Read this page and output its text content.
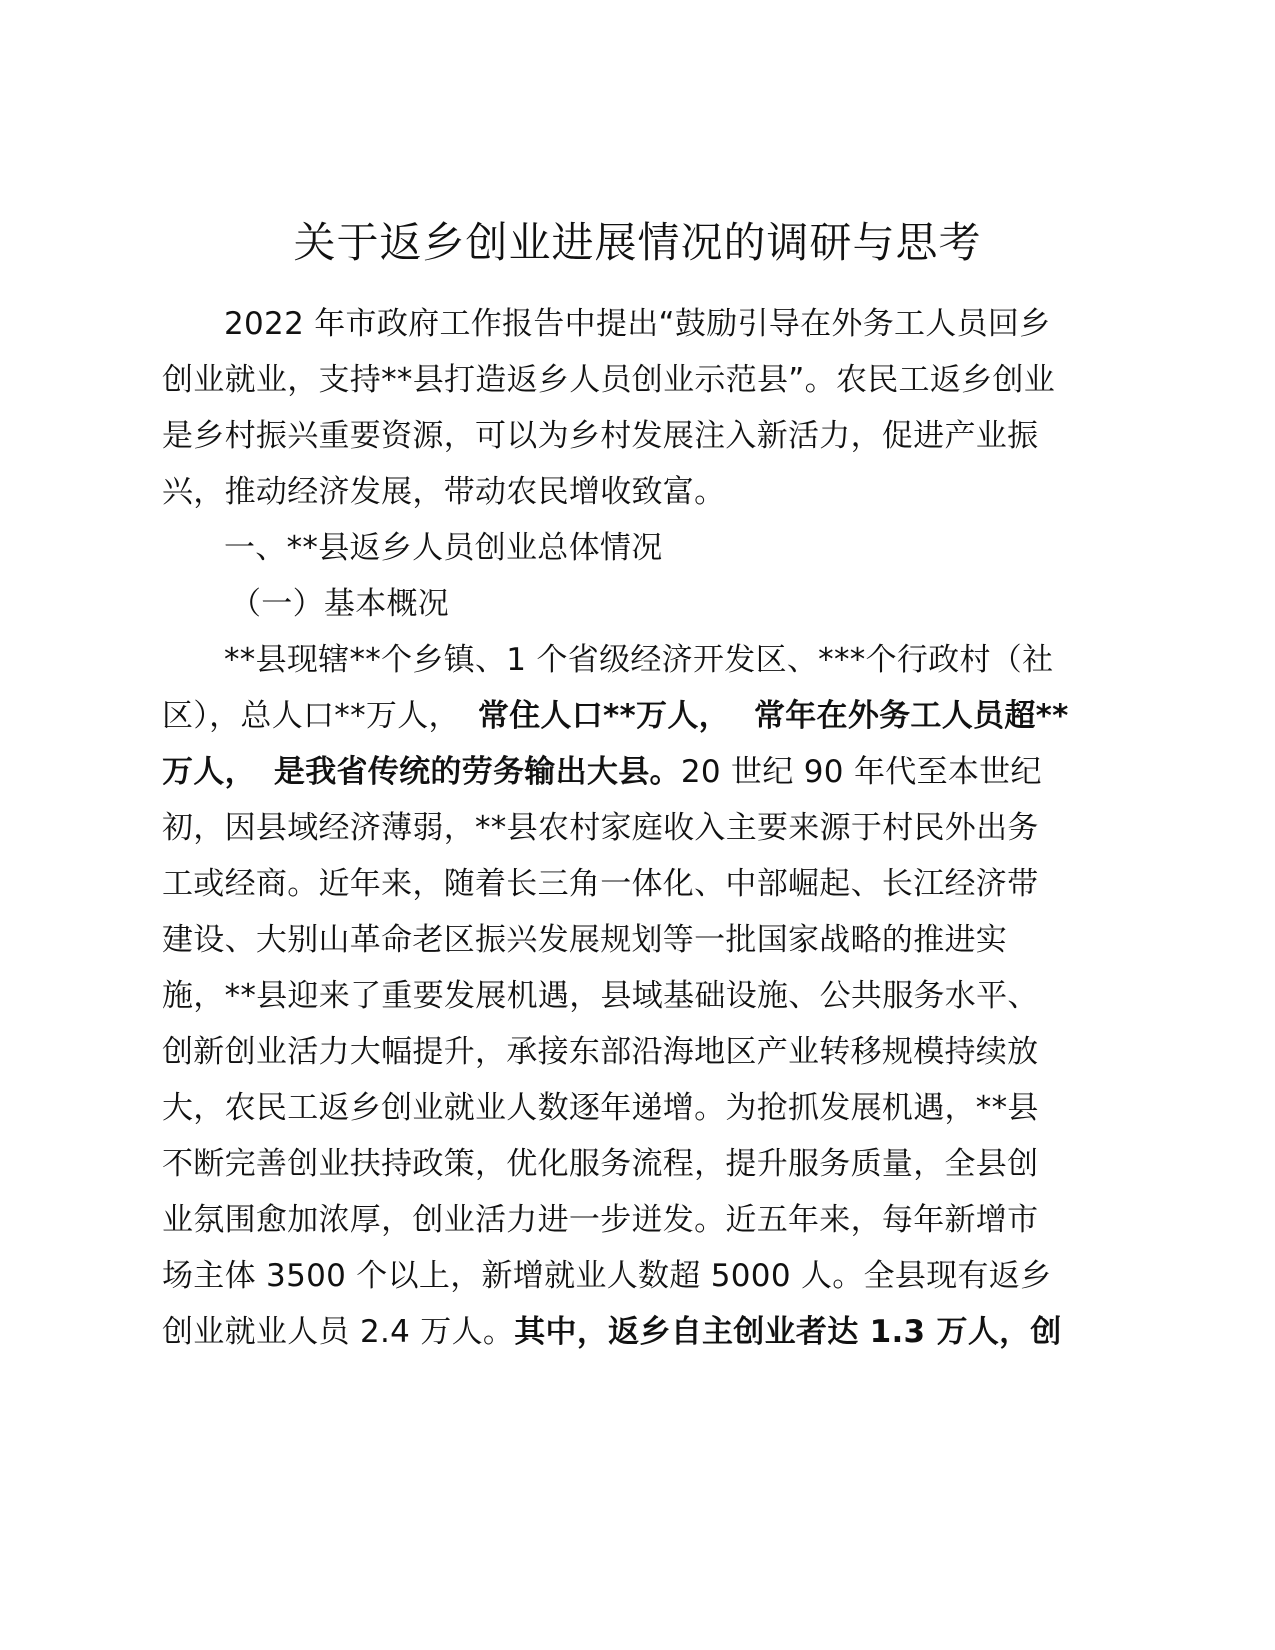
关于返乡创业进展情况的调研与思考
2022 年市政府工作报告中提出“鼓励引导在外务工人员回乡
创业就业，支持**县打造返乡人员创业示范县”。农民工返乡创业
是乡村振兴重要资源，可以为乡村发展注入新活力，促进产业振
兴，推动经济发展，带动农民增收致富。
一、**县返乡人员创业总体情况
（一）基本概况
**县现辖**个乡镇、1 个省级经济开发区、***个行政村（社
区），总人口**万人， 常住人口**万人， 常年在外务工人员超**
万人， 是我省传统的劳务输出大县。20 世纪 90 年代至本世纪
初，因县域经济薄弱，**县农村家庭收入主要来源于村民外出务
工或经商。近年来，随着长三角一体化、中部崛起、长江经济带
建设、大别山革命老区振兴发展规划等一批国家战略的推进实
施，**县迎来了重要发展机遇，县域基础设施、公共服务水平、
创新创业活力大幅提升，承接东部沿海地区产业转移规模持续放
大，农民工返乡创业就业人数逐年递增。为抢抓发展机遇，**县
不断完善创业扶持政策，优化服务流程，提升服务质量，全县创
业氛围愈加浓厚，创业活力进一步迸发。近五年来，每年新增市
场主体 3500 个以上，新增就业人数超 5000 人。全县现有返乡
创业就业人员 2.4 万人。其中，返乡自主创业者达 1.3 万人，创
